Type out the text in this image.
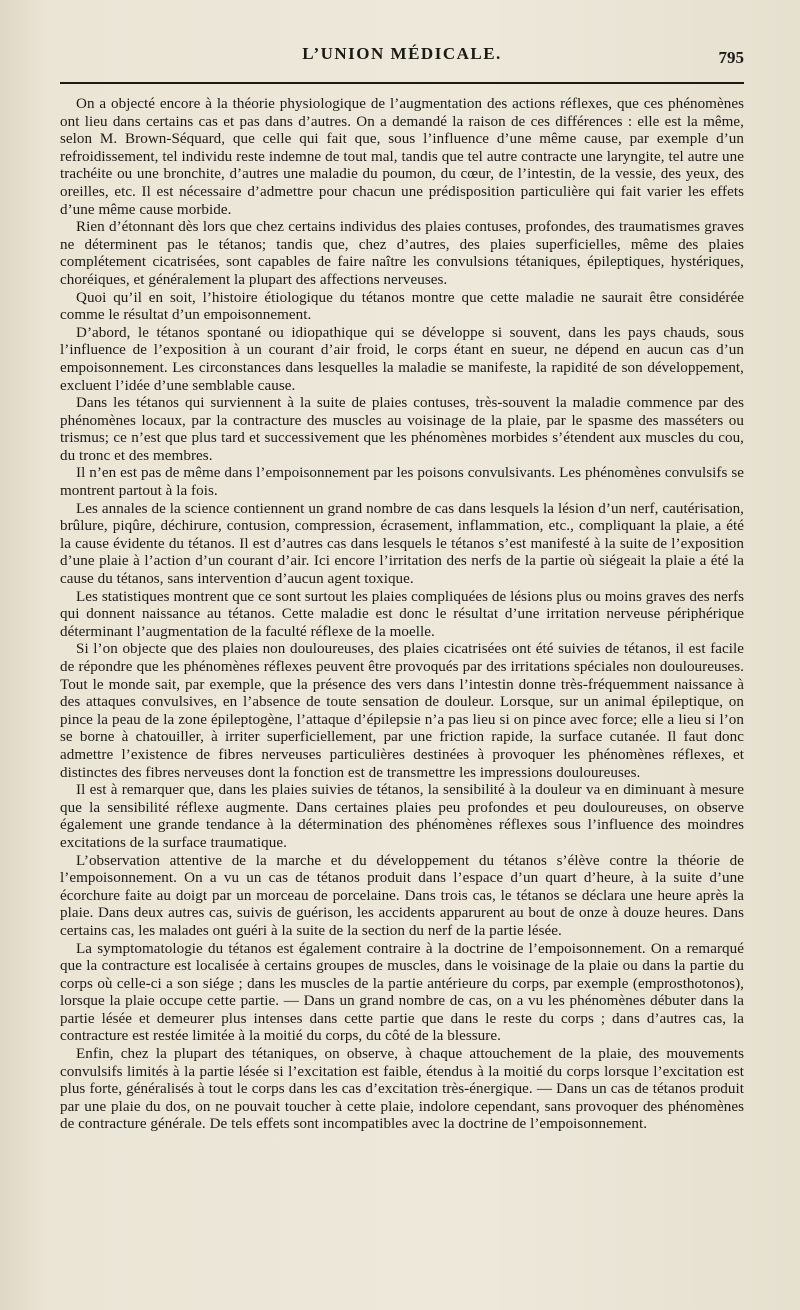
L’UNION MÉDICALE.	795

On a objecté encore à la théorie physiologique de l’augmentation des actions réflexes, que ces phénomènes ont lieu dans certains cas et pas dans d’autres. On a demandé la raison de ces différences : elle est la même, selon M. Brown-Séquard, que celle qui fait que, sous l’influence d’une même cause, par exemple d’un refroidissement, tel individu reste indemne de tout mal, tandis que tel autre contracte une laryngite, tel autre une trachéite ou une bronchite, d’autres une maladie du poumon, du cœur, de l’intestin, de la vessie, des yeux, des oreilles, etc. Il est nécessaire d’admettre pour chacun une prédisposition particulière qui fait varier les effets d’une même cause morbide.

Rien d’étonnant dès lors que chez certains individus des plaies contuses, profondes, des traumatismes graves ne déterminent pas le tétanos; tandis que, chez d’autres, des plaies superficielles, même des plaies complétement cicatrisées, sont capables de faire naître les convulsions tétaniques, épileptiques, hystériques, choréiques, et généralement la plupart des affections nerveuses.

Quoi qu’il en soit, l’histoire étiologique du tétanos montre que cette maladie ne saurait être considérée comme le résultat d’un empoisonnement.

D’abord, le tétanos spontané ou idiopathique qui se développe si souvent, dans les pays chauds, sous l’influence de l’exposition à un courant d’air froid, le corps étant en sueur, ne dépend en aucun cas d’un empoisonnement. Les circonstances dans lesquelles la maladie se manifeste, la rapidité de son développement, excluent l’idée d’une semblable cause.

Dans les tétanos qui surviennent à la suite de plaies contuses, très-souvent la maladie commence par des phénomènes locaux, par la contracture des muscles au voisinage de la plaie, par le spasme des masséters ou trismus; ce n’est que plus tard et successivement que les phénomènes morbides s’étendent aux muscles du cou, du tronc et des membres.

Il n’en est pas de même dans l’empoisonnement par les poisons convulsivants. Les phénomènes convulsifs se montrent partout à la fois.

Les annales de la science contiennent un grand nombre de cas dans lesquels la lésion d’un nerf, cautérisation, brûlure, piqûre, déchirure, contusion, compression, écrasement, inflammation, etc., compliquant la plaie, a été la cause évidente du tétanos. Il est d’autres cas dans lesquels le tétanos s’est manifesté à la suite de l’exposition d’une plaie à l’action d’un courant d’air. Ici encore l’irritation des nerfs de la partie où siégeait la plaie a été la cause du tétanos, sans intervention d’aucun agent toxique.

Les statistiques montrent que ce sont surtout les plaies compliquées de lésions plus ou moins graves des nerfs qui donnent naissance au tétanos. Cette maladie est donc le résultat d’une irritation nerveuse périphérique déterminant l’augmentation de la faculté réflexe de la moelle.

Si l’on objecte que des plaies non douloureuses, des plaies cicatrisées ont été suivies de tétanos, il est facile de répondre que les phénomènes réflexes peuvent être provoqués par des irritations spéciales non douloureuses. Tout le monde sait, par exemple, que la présence des vers dans l’intestin donne très-fréquemment naissance à des attaques convulsives, en l’absence de toute sensation de douleur. Lorsque, sur un animal épileptique, on pince la peau de la zone épileptogène, l’attaque d’épilepsie n’a pas lieu si on pince avec force; elle a lieu si l’on se borne à chatouiller, à irriter superficiellement, par une friction rapide, la surface cutanée. Il faut donc admettre l’existence de fibres nerveuses particulières destinées à provoquer les phénomènes réflexes, et distinctes des fibres nerveuses dont la fonction est de transmettre les impressions douloureuses.

Il est à remarquer que, dans les plaies suivies de tétanos, la sensibilité à la douleur va en diminuant à mesure que la sensibilité réflexe augmente. Dans certaines plaies peu profondes et peu douloureuses, on observe également une grande tendance à la détermination des phénomènes réflexes sous l’influence des moindres excitations de la surface traumatique.

L’observation attentive de la marche et du développement du tétanos s’élève contre la théorie de l’empoisonnement. On a vu un cas de tétanos produit dans l’espace d’un quart d’heure, à la suite d’une écorchure faite au doigt par un morceau de porcelaine. Dans trois cas, le tétanos se déclara une heure après la plaie. Dans deux autres cas, suivis de guérison, les accidents apparurent au bout de onze à douze heures. Dans certains cas, les malades ont guéri à la suite de la section du nerf de la partie lésée.

La symptomatologie du tétanos est également contraire à la doctrine de l’empoisonnement. On a remarqué que la contracture est localisée à certains groupes de muscles, dans le voisinage de la plaie ou dans la partie du corps où celle-ci a son siége ; dans les muscles de la partie antérieure du corps, par exemple (emprosthotonos), lorsque la plaie occupe cette partie. — Dans un grand nombre de cas, on a vu les phénomènes débuter dans la partie lésée et demeurer plus intenses dans cette partie que dans le reste du corps ; dans d’autres cas, la contracture est restée limitée à la moitié du corps, du côté de la blessure.

Enfin, chez la plupart des tétaniques, on observe, à chaque attouchement de la plaie, des mouvements convulsifs limités à la partie lésée si l’excitation est faible, étendus à la moitié du corps lorsque l’excitation est plus forte, généralisés à tout le corps dans les cas d’excitation très-énergique. — Dans un cas de tétanos produit par une plaie du dos, on ne pouvait toucher à cette plaie, indolore cependant, sans provoquer des phénomènes de contracture générale. De tels effets sont incompatibles avec la doctrine de l’empoisonnement.
